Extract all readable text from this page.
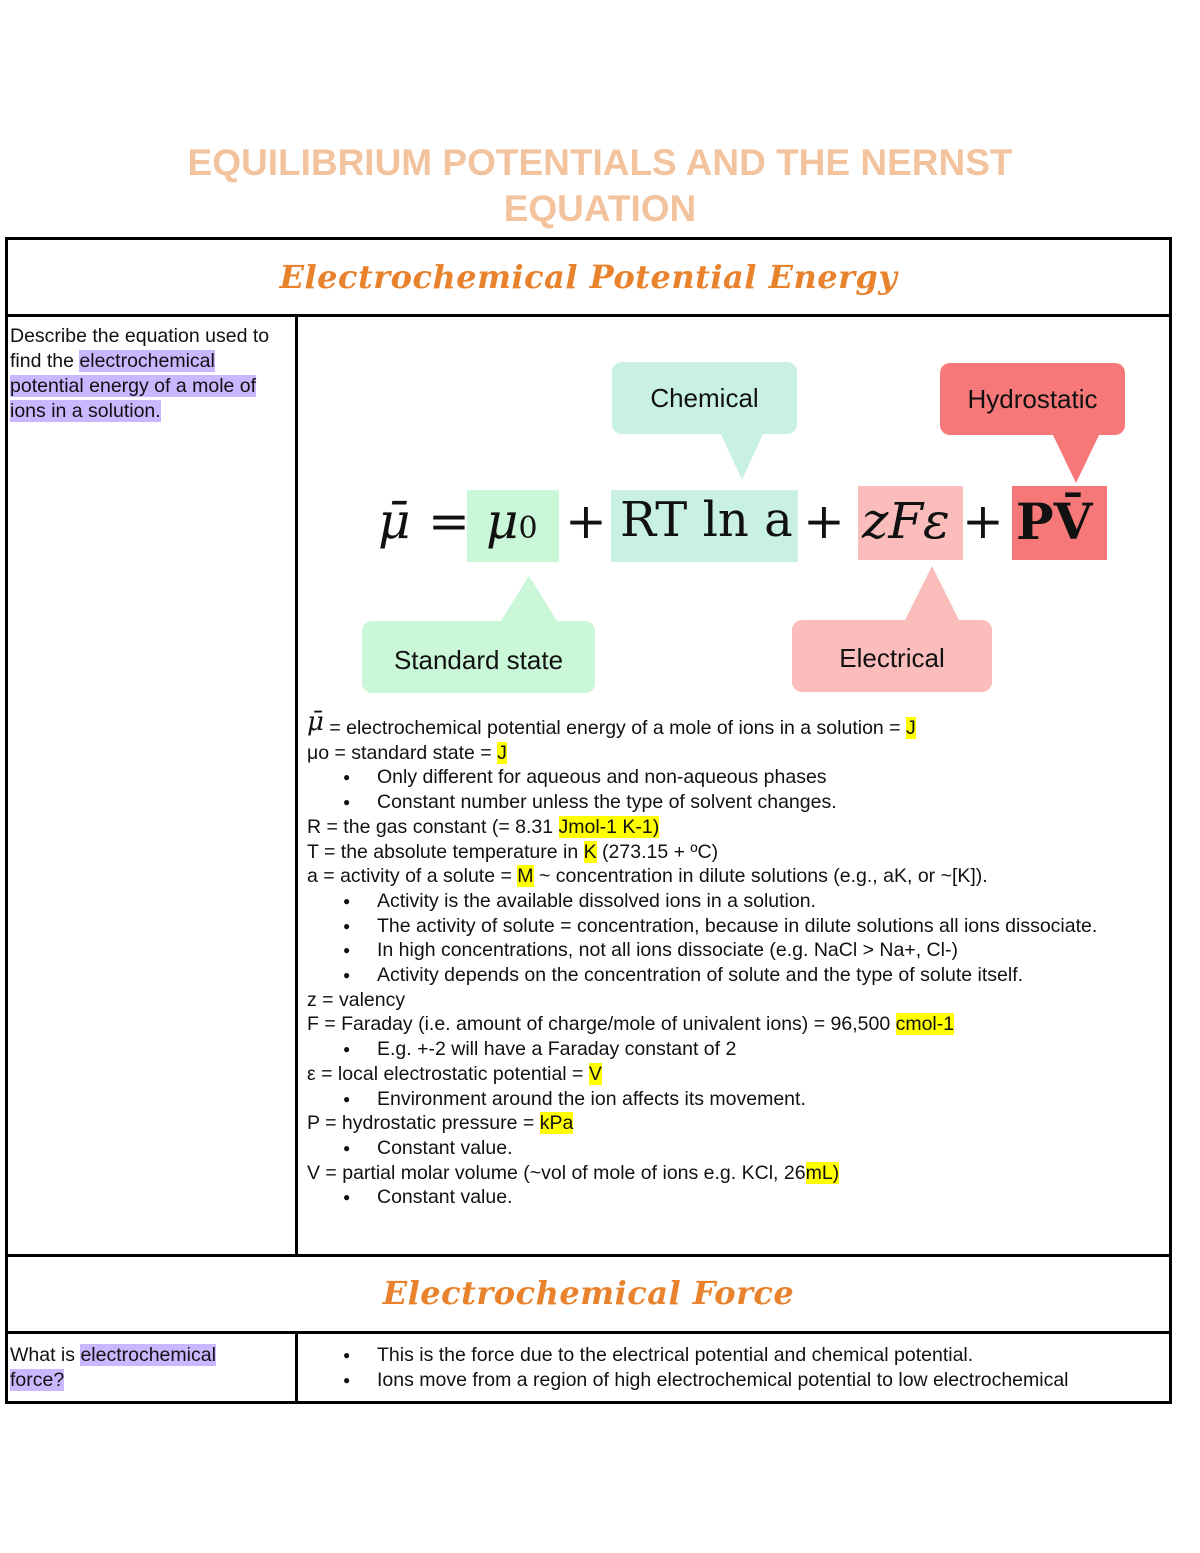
EQUILIBRIUM POTENTIALS AND THE NERNST
EQUATION
Electrochemical Potential Energy
Electrochemical Force
Describe the equation used to find the electrochemical potential energy of a mole of ions in a solution.	Chemical	Hydrostatic
μ̄ = μ0 + RT ln a + zFε + PV̄
Standard state	Electrical
μ̄ = electrochemical potential energy of a mole of ions in a solution = J
μo = standard state = J
● Only different for aqueous and non-aqueous phases
● Constant number unless the type of solvent changes.
R = the gas constant (= 8.31 Jmol-1 K-1)
T = the absolute temperature in K (273.15 + ºC)
a = activity of a solute = M ~ concentration in dilute solutions (e.g., aK, or ~[K]).
● Activity is the available dissolved ions in a solution.
● The activity of solute = concentration, because in dilute solutions all ions dissociate.
● In high concentrations, not all ions dissociate (e.g. NaCl > Na+, Cl-)
● Activity depends on the concentration of solute and the type of solute itself.
z = valency
F = Faraday (i.e. amount of charge/mole of univalent ions) = 96,500 cmol-1
● E.g. +-2 will have a Faraday constant of 2
ε = local electrostatic potential = V
● Environment around the ion affects its movement.
P = hydrostatic pressure = kPa
● Constant value.
V = partial molar volume (~vol of mole of ions e.g. KCl, 26mL)
● Constant value.
What is electrochemical force?
● This is the force due to the electrical potential and chemical potential.
● Ions move from a region of high electrochemical potential to low electrochemical
